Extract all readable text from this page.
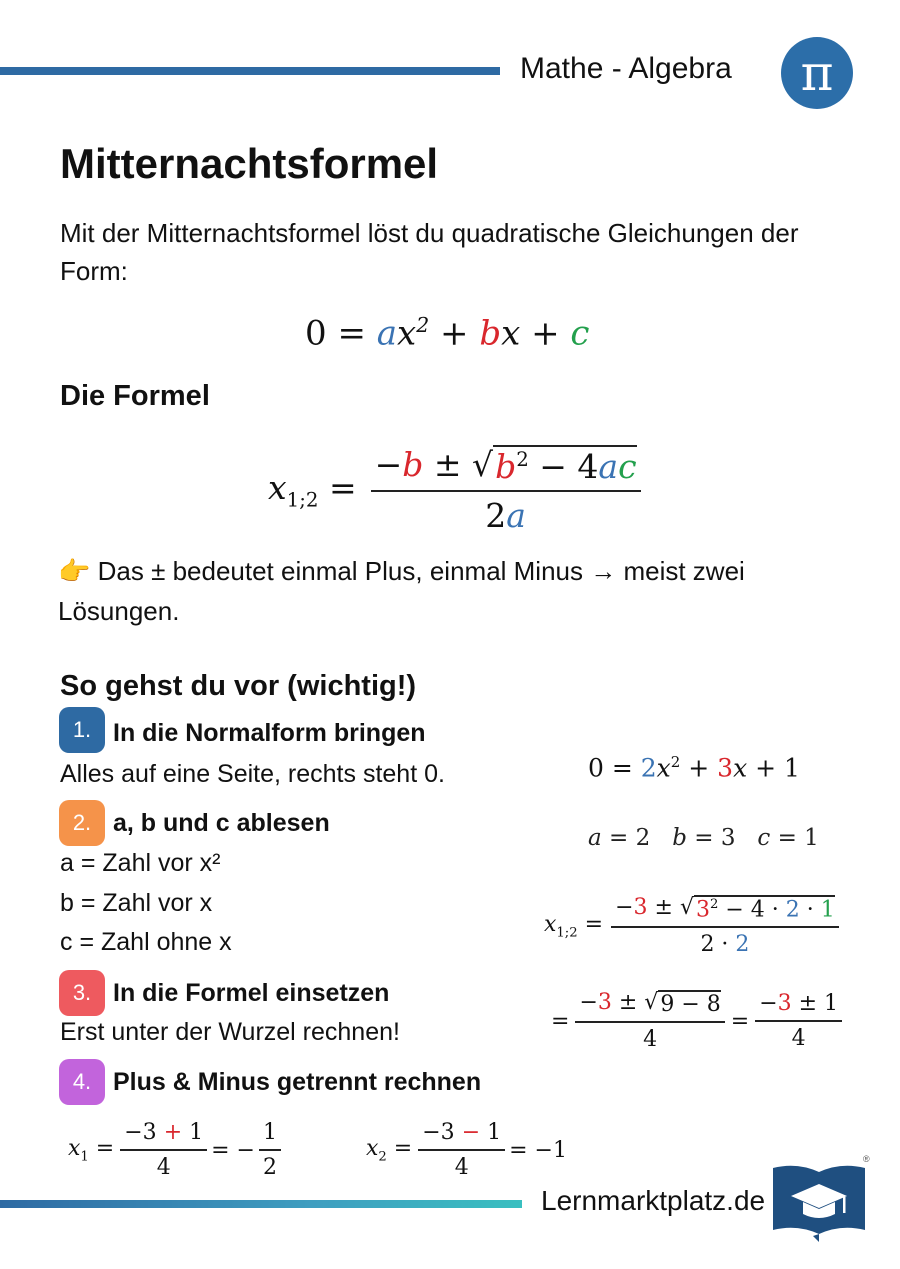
Mathe - Algebra π
Mitternachtsformel
Mit der Mitternachtsformel löst du quadratische Gleichungen der Form:
$0 = ax^2$ + bx + c
Die Formel
$x_{1;2} = \frac{-b \pm √ b^2 - 4ac}{2a}$
👉 Das ± bedeutet einmal Plus, einmal Minus → meist zwei Lösungen.
So gehst du vor (wichtig!)
1. In die Normalform bringen
Alles auf eine Seite, rechts steht 0.
2. a, b und c ablesen
a = Zahl vor x²
b = Zahl vor x
c = Zahl ohne x
3. In die Formel einsetzen
Erst unter der Wurzel rechnen!
4. Plus & Minus getrennt rechnen
$0 = 2x^2 + 3x + 1$
a = 2   b = 3   c = 1
$x_{1;2} = \frac{-3 \pm √ 3^2 - 4 \cdot 2 \cdot 1}{2 \cdot 2}$
= $\frac{-3 \pm √ 9 - 8}{4} = \frac{-3 \pm 1}{4}$
$x_1 = \frac{-3 + 1}{4}$ = − $\frac{1}{2}$	$x_2 = \frac{-3 - 1}{4} = -1$
Lernmarktplatz.de
®
